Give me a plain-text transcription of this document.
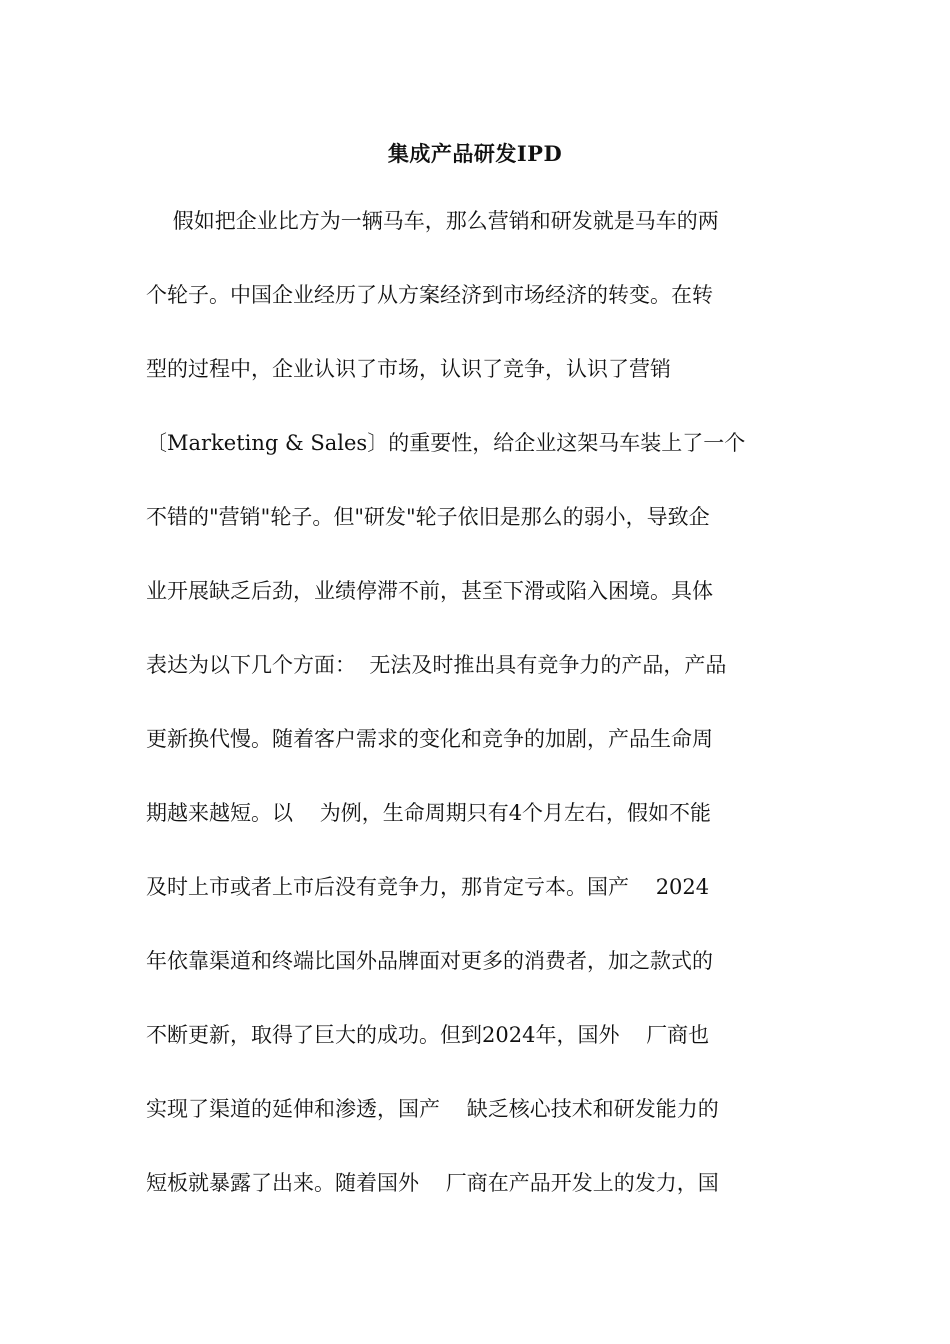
集成产品研发IPD
假如把企业比方为一辆马车，那么营销和研发就是马车的两
个轮子。中国企业经历了从方案经济到市场经济的转变。在转
型的过程中，企业认识了市场，认识了竞争，认识了营销
〔Marketing & Sales〕的重要性，给企业这架马车装上了一个
不错的"营销"轮子。但"研发"轮子依旧是那么的弱小，导致企
业开展缺乏后劲，业绩停滞不前，甚至下滑或陷入困境。具体
表达为以下几个方面：  无法及时推出具有竞争力的产品，产品
更新换代慢。随着客户需求的变化和竞争的加剧，产品生命周
期越来越短。以    为例，生命周期只有4个月左右，假如不能
及时上市或者上市后没有竞争力，那肯定亏本。国产    2024
年依靠渠道和终端比国外品牌面对更多的消费者，加之款式的
不断更新，取得了巨大的成功。但到2024年，国外    厂商也
实现了渠道的延伸和渗透，国产    缺乏核心技术和研发能力的
短板就暴露了出来。随着国外    厂商在产品开发上的发力，国
